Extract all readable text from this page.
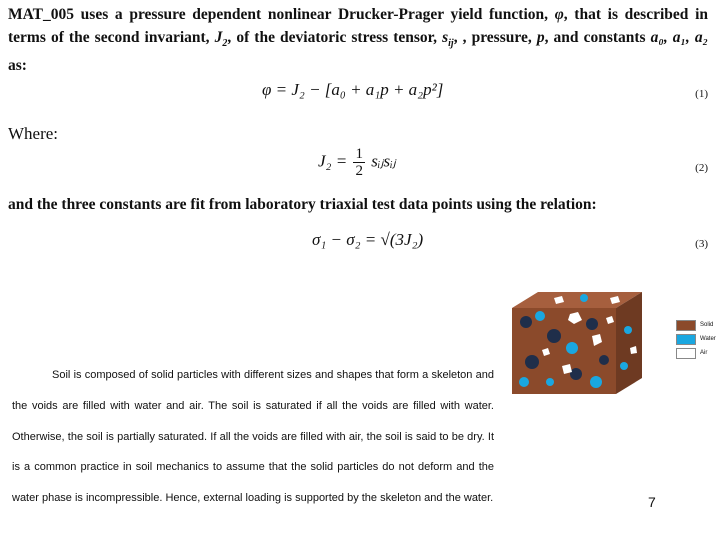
MAT_005 uses a pressure dependent nonlinear Drucker-Prager yield function, φ, that is described in terms of the second invariant, $J_2$, of the deviatoric stress tensor, $s_{ij}$, , pressure, p, and constants a₀, a₁, a₂ as:

φ = J₂ − [a₀ + a₁p + a₂p²]	(1)

Where:

$J_2 = \frac{1}{2}$ sᵢⱼsᵢⱼ	(2)

and the three constants are fit from laboratory triaxial test data points using the relation:

σ₁ − σ₂ = √(3J₂)	(3)
Solid
Water
Air

Soil is composed of solid particles with different sizes and shapes that form a skeleton and the voids are filled with water and air. The soil is saturated if all the voids are filled with water. Otherwise, the soil is partially saturated. If all the voids are filled with air, the soil is said to be dry. It is a common practice in soil mechanics to assume that the solid particles do not deform and the water phase is incompressible. Hence, external loading is supported by the skeleton and the water.	7
